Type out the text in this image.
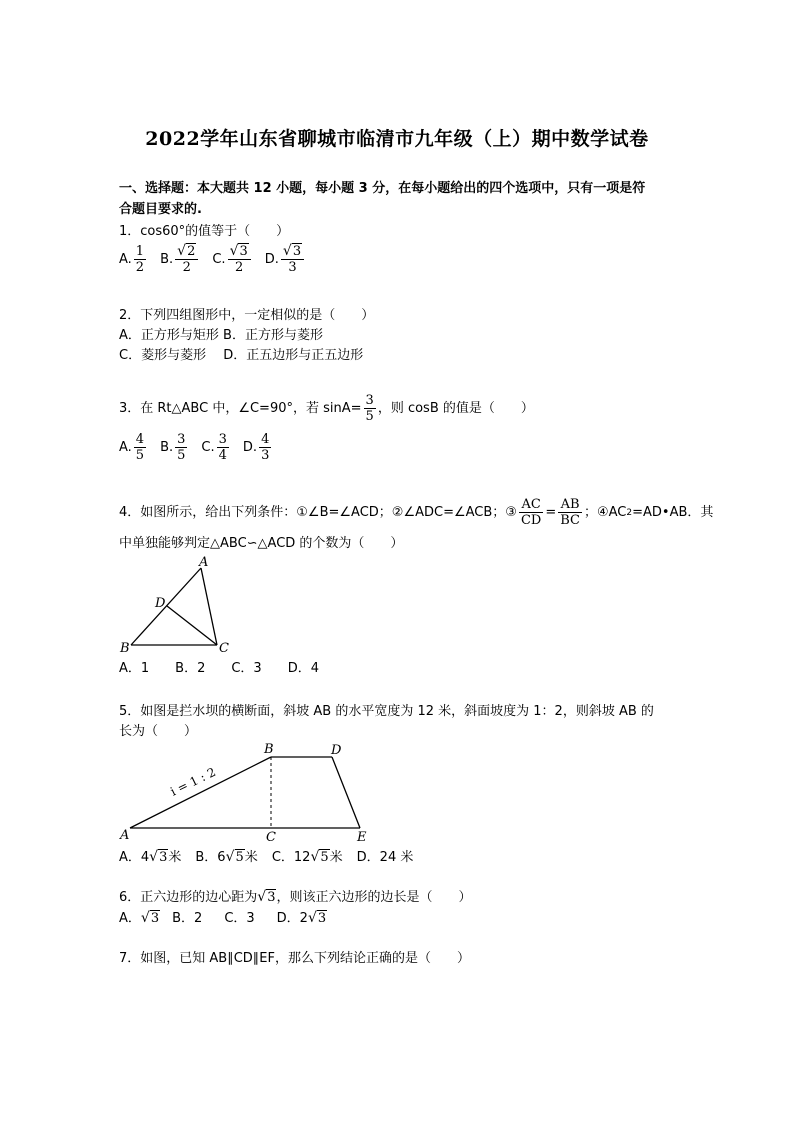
2022学年山东省聊城市临清市九年级（上）期中数学试卷
一、选择题：本大题共 12 小题，每小题 3 分，在每小题给出的四个选项中，只有一项是符
合题目要求的.
1．cos60°的值等于（　　）
A. $\frac{1}{2} B$. $\frac{√2}{2} C$. $\frac{√3}{2} D$. $\frac{√3}{3}$
2．下列四组图形中，一定相似的是（　　）
A．正方形与矩形 B．正方形与菱形
C．菱形与菱形　 D．正五边形与正五边形
3．在 Rt△ABC 中，∠C=90°，若 $\sin A= \frac{3}{5}$ ，则 cosB 的值是（　　）
A. $\frac{4}{5} B$. $\frac{3}{5} C$. $\frac{3}{4} D$. $\frac{4}{3}$
4．如图所示，给出下列条件：①∠B=∠ACD；②∠ADC=∠ACB；③ $\frac{AC}{CD} = \frac{AB}{BC}$ ；④AC 2 =AD•AB．其
中单独能够判定△ABC∽△ACD 的个数为（　　）
A
D
B	C
A．1　　B．2　　C．3　　D．4
5．如图是拦水坝的横断面，斜坡 AB 的水平宽度为 12 米，斜面坡度为 1：2，则斜坡 AB 的
长为（　　）
A
B
C
D
E
i = 1 : 2
A．4 √3 米 B．6 √5 米 C．12 √5 米 D．24 米
6．正六边形的边心距为 √3 ，则该正六边形的边长是（　　）
A． √3 B．2 C．3 D．2 √3
7．如图，已知 AB∥CD∥EF，那么下列结论正确的是（　　）
